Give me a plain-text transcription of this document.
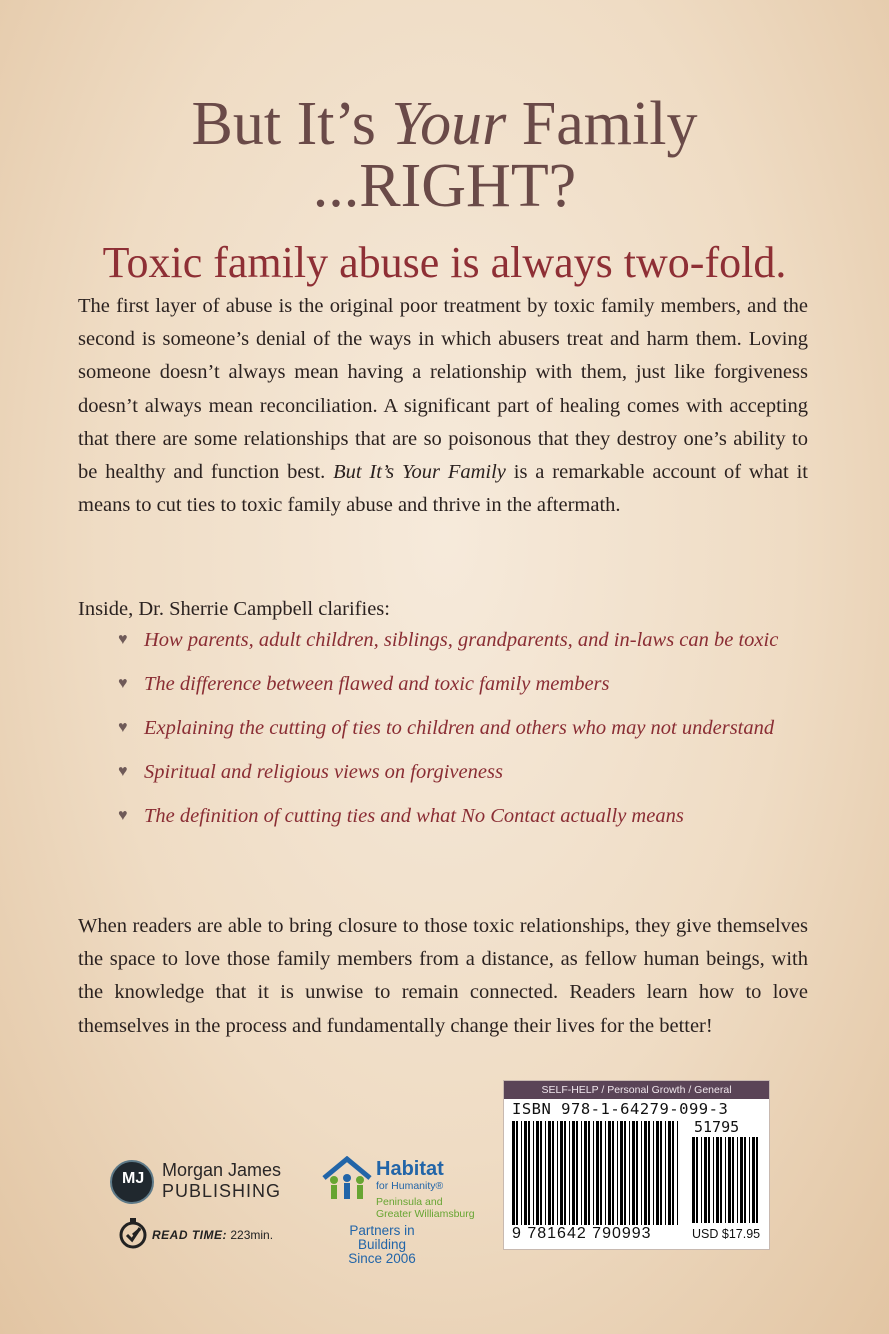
But It’s Your Family
...RIGHT?
Toxic family abuse is always two-fold.
The first layer of abuse is the original poor treatment by toxic family members, and the second is someone’s denial of the ways in which abusers treat and harm them. Loving someone doesn’t always mean having a relationship with them, just like forgiveness doesn’t always mean reconciliation. A significant part of healing comes with accepting that there are some relationships that are so poisonous that they destroy one’s ability to be healthy and function best. But It’s Your Family is a remarkable account of what it means to cut ties to toxic family abuse and thrive in the aftermath.
Inside, Dr. Sherrie Campbell clarifies:
♥ How parents, adult children, siblings, grandparents, and in-laws can be toxic
♥ The difference between flawed and toxic family members
♥ Explaining the cutting of ties to children and others who may not understand
♥ Spiritual and religious views on forgiveness
♥ The definition of cutting ties and what No Contact actually means
When readers are able to bring closure to those toxic relationships, they give themselves the space to love those family members from a distance, as fellow human beings, with the knowledge that it is unwise to remain connected. Readers learn how to love themselves in the process and fundamentally change their lives for the better!
MJ Morgan James
PUBLISHING
READ TIME: 223min.
Habitat
for Humanity®
Peninsula and
Greater Williamsburg
Partners in Building
Since 2006
SELF-HELP / Personal Growth / General
ISBN 978-1-64279-099-3
51795
9 781642 790993	USD $17.95
